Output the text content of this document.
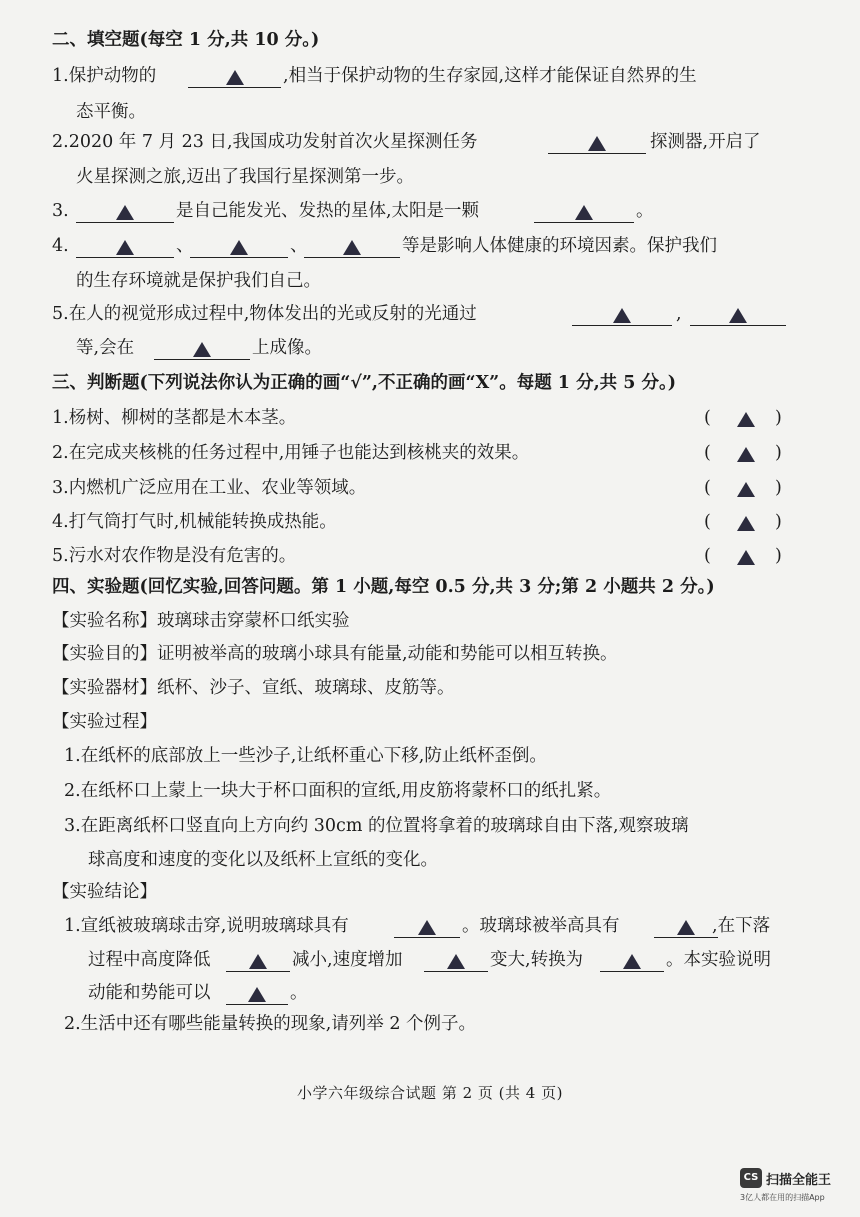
二、填空题(每空 1 分,共 10 分。)
1.保护动物的	,相当于保护动物的生存家园,这样才能保证自然界的生
态平衡。
2.2020 年 7 月 23 日,我国成功发射首次火星探测任务	探测器,开启了
火星探测之旅,迈出了我国行星探测第一步。
3.	是自己能发光、发热的星体,太阳是一颗	。
4.	、	、	等是影响人体健康的环境因素。保护我们
的生存环境就是保护我们自己。
5.在人的视觉形成过程中,物体发出的光或反射的光通过	,
等,会在	上成像。
三、判断题(下列说法你认为正确的画“√”,不正确的画“X”。每题 1 分,共 5 分。)
1.杨树、柳树的茎都是木本茎。	(	)
2.在完成夹核桃的任务过程中,用锤子也能达到核桃夹的效果。	(	)
3.内燃机广泛应用在工业、农业等领域。	(	)
4.打气筒打气时,机械能转换成热能。	(	)
5.污水对农作物是没有危害的。	(	)
四、实验题(回忆实验,回答问题。第 1 小题,每空 0.5 分,共 3 分;第 2 小题共 2 分。)
【实验名称】玻璃球击穿蒙杯口纸实验
【实验目的】证明被举高的玻璃小球具有能量,动能和势能可以相互转换。
【实验器材】纸杯、沙子、宣纸、玻璃球、皮筋等。
【实验过程】
1.在纸杯的底部放上一些沙子,让纸杯重心下移,防止纸杯歪倒。
2.在纸杯口上蒙上一块大于杯口面积的宣纸,用皮筋将蒙杯口的纸扎紧。
3.在距离纸杯口竖直向上方向约 30cm 的位置将拿着的玻璃球自由下落,观察玻璃
球高度和速度的变化以及纸杯上宣纸的变化。
【实验结论】
1.宣纸被玻璃球击穿,说明玻璃球具有	。玻璃球被举高具有	,在下落
过程中高度降低	减小,速度增加	变大,转换为	。本实验说明
动能和势能可以	。
2.生活中还有哪些能量转换的现象,请列举 2 个例子。
小学六年级综合试题 第 2 页 (共 4 页)
CS 扫描全能王
3亿人都在用的扫描App
